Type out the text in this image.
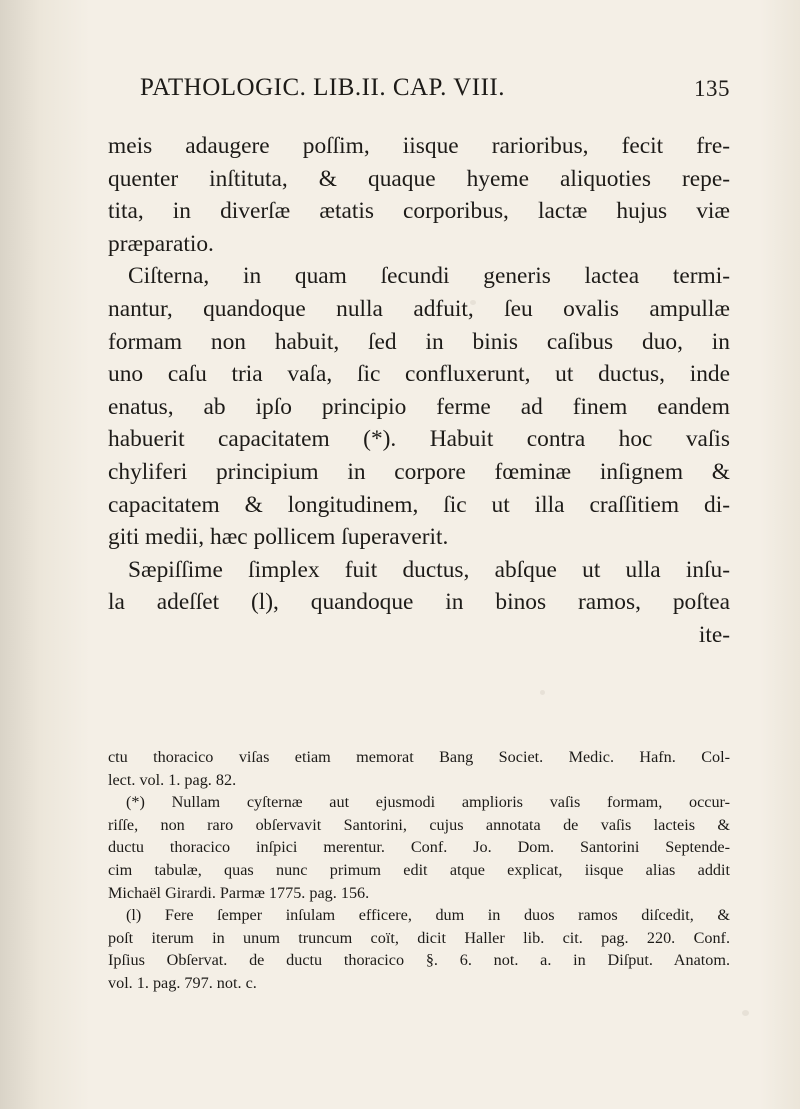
PATHOLOGIC. LIB.II. CAP. VIII.	135
meis adaugere poſſim, iisque rarioribus, fecit fre-
quenter inſtituta, & quaque hyeme aliquoties repe-
tita, in diverſæ ætatis corporibus, lactæ hujus viæ
præparatio.
Ciſterna, in quam ſecundi generis lactea termi-
nantur, quandoque nulla adfuit, ſeu ovalis ampullæ
formam non habuit, ſed in binis caſibus duo, in
uno caſu tria vaſa, ſic confluxerunt, ut ductus, inde
enatus, ab ipſo principio ferme ad finem eandem
habuerit capacitatem (*). Habuit contra hoc vaſis
chyliferi principium in corpore fœminæ inſignem &
capacitatem & longitudinem, ſic ut illa craſſitiem di-
giti medii, hæc pollicem ſuperaverit.
Sæpiſſime ſimplex fuit ductus, abſque ut ulla inſu-
la adeſſet (l), quandoque in binos ramos, poſtea
ite-
ctu thoracico viſas etiam memorat Bang Societ. Medic. Hafn. Col-
lect. vol. 1. pag. 82.
(*) Nullam cyſternæ aut ejusmodi amplioris vaſis formam, occur-
riſſe, non raro obſervavit Santorini, cujus annotata de vaſis lacteis &
ductu thoracico inſpici merentur. Conf. Jo. Dom. Santorini Septende-
cim tabulæ, quas nunc primum edit atque explicat, iisque alias addit
Michaël Girardi. Parmæ 1775. pag. 156.
(l) Fere ſemper inſulam efficere, dum in duos ramos diſcedit, &
poſt iterum in unum truncum coït, dicit Haller lib. cit. pag. 220. Conf.
Ipſius Obſervat. de ductu thoracico §. 6. not. a. in Diſput. Anatom.
vol. 1. pag. 797. not. c.
